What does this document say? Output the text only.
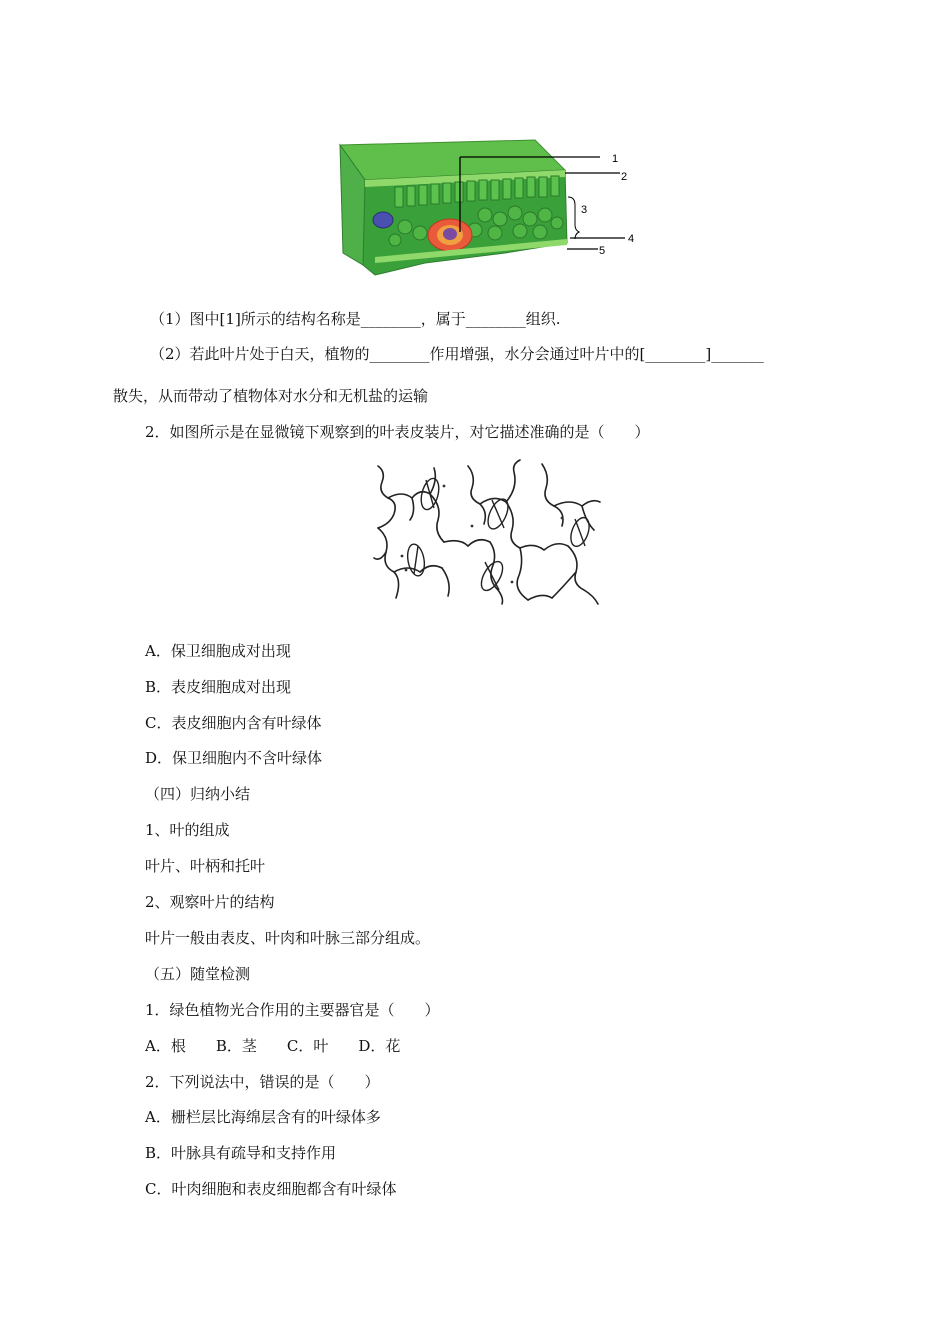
1
2
3
4
5
（1）图中[1]所示的结构名称是________，属于________组织.
（2）若此叶片处于白天，植物的________作用增强，水分会通过叶片中的[________]_______
散失，从而带动了植物体对水分和无机盐的运输
2．如图所示是在显微镜下观察到的叶表皮装片，对它描述准确的是（　　）
A．保卫细胞成对出现
B．表皮细胞成对出现
C．表皮细胞内含有叶绿体
D．保卫细胞内不含叶绿体
（四）归纳小结
1、叶的组成
叶片、叶柄和托叶
2、观察叶片的结构
叶片一般由表皮、叶肉和叶脉三部分组成。
（五）随堂检测
1．绿色植物光合作用的主要器官是（　　）
A．根　　B．茎　　C．叶　　D．花
2．下列说法中，错误的是（　　）
A．栅栏层比海绵层含有的叶绿体多
B．叶脉具有疏导和支持作用
C．叶肉细胞和表皮细胞都含有叶绿体
